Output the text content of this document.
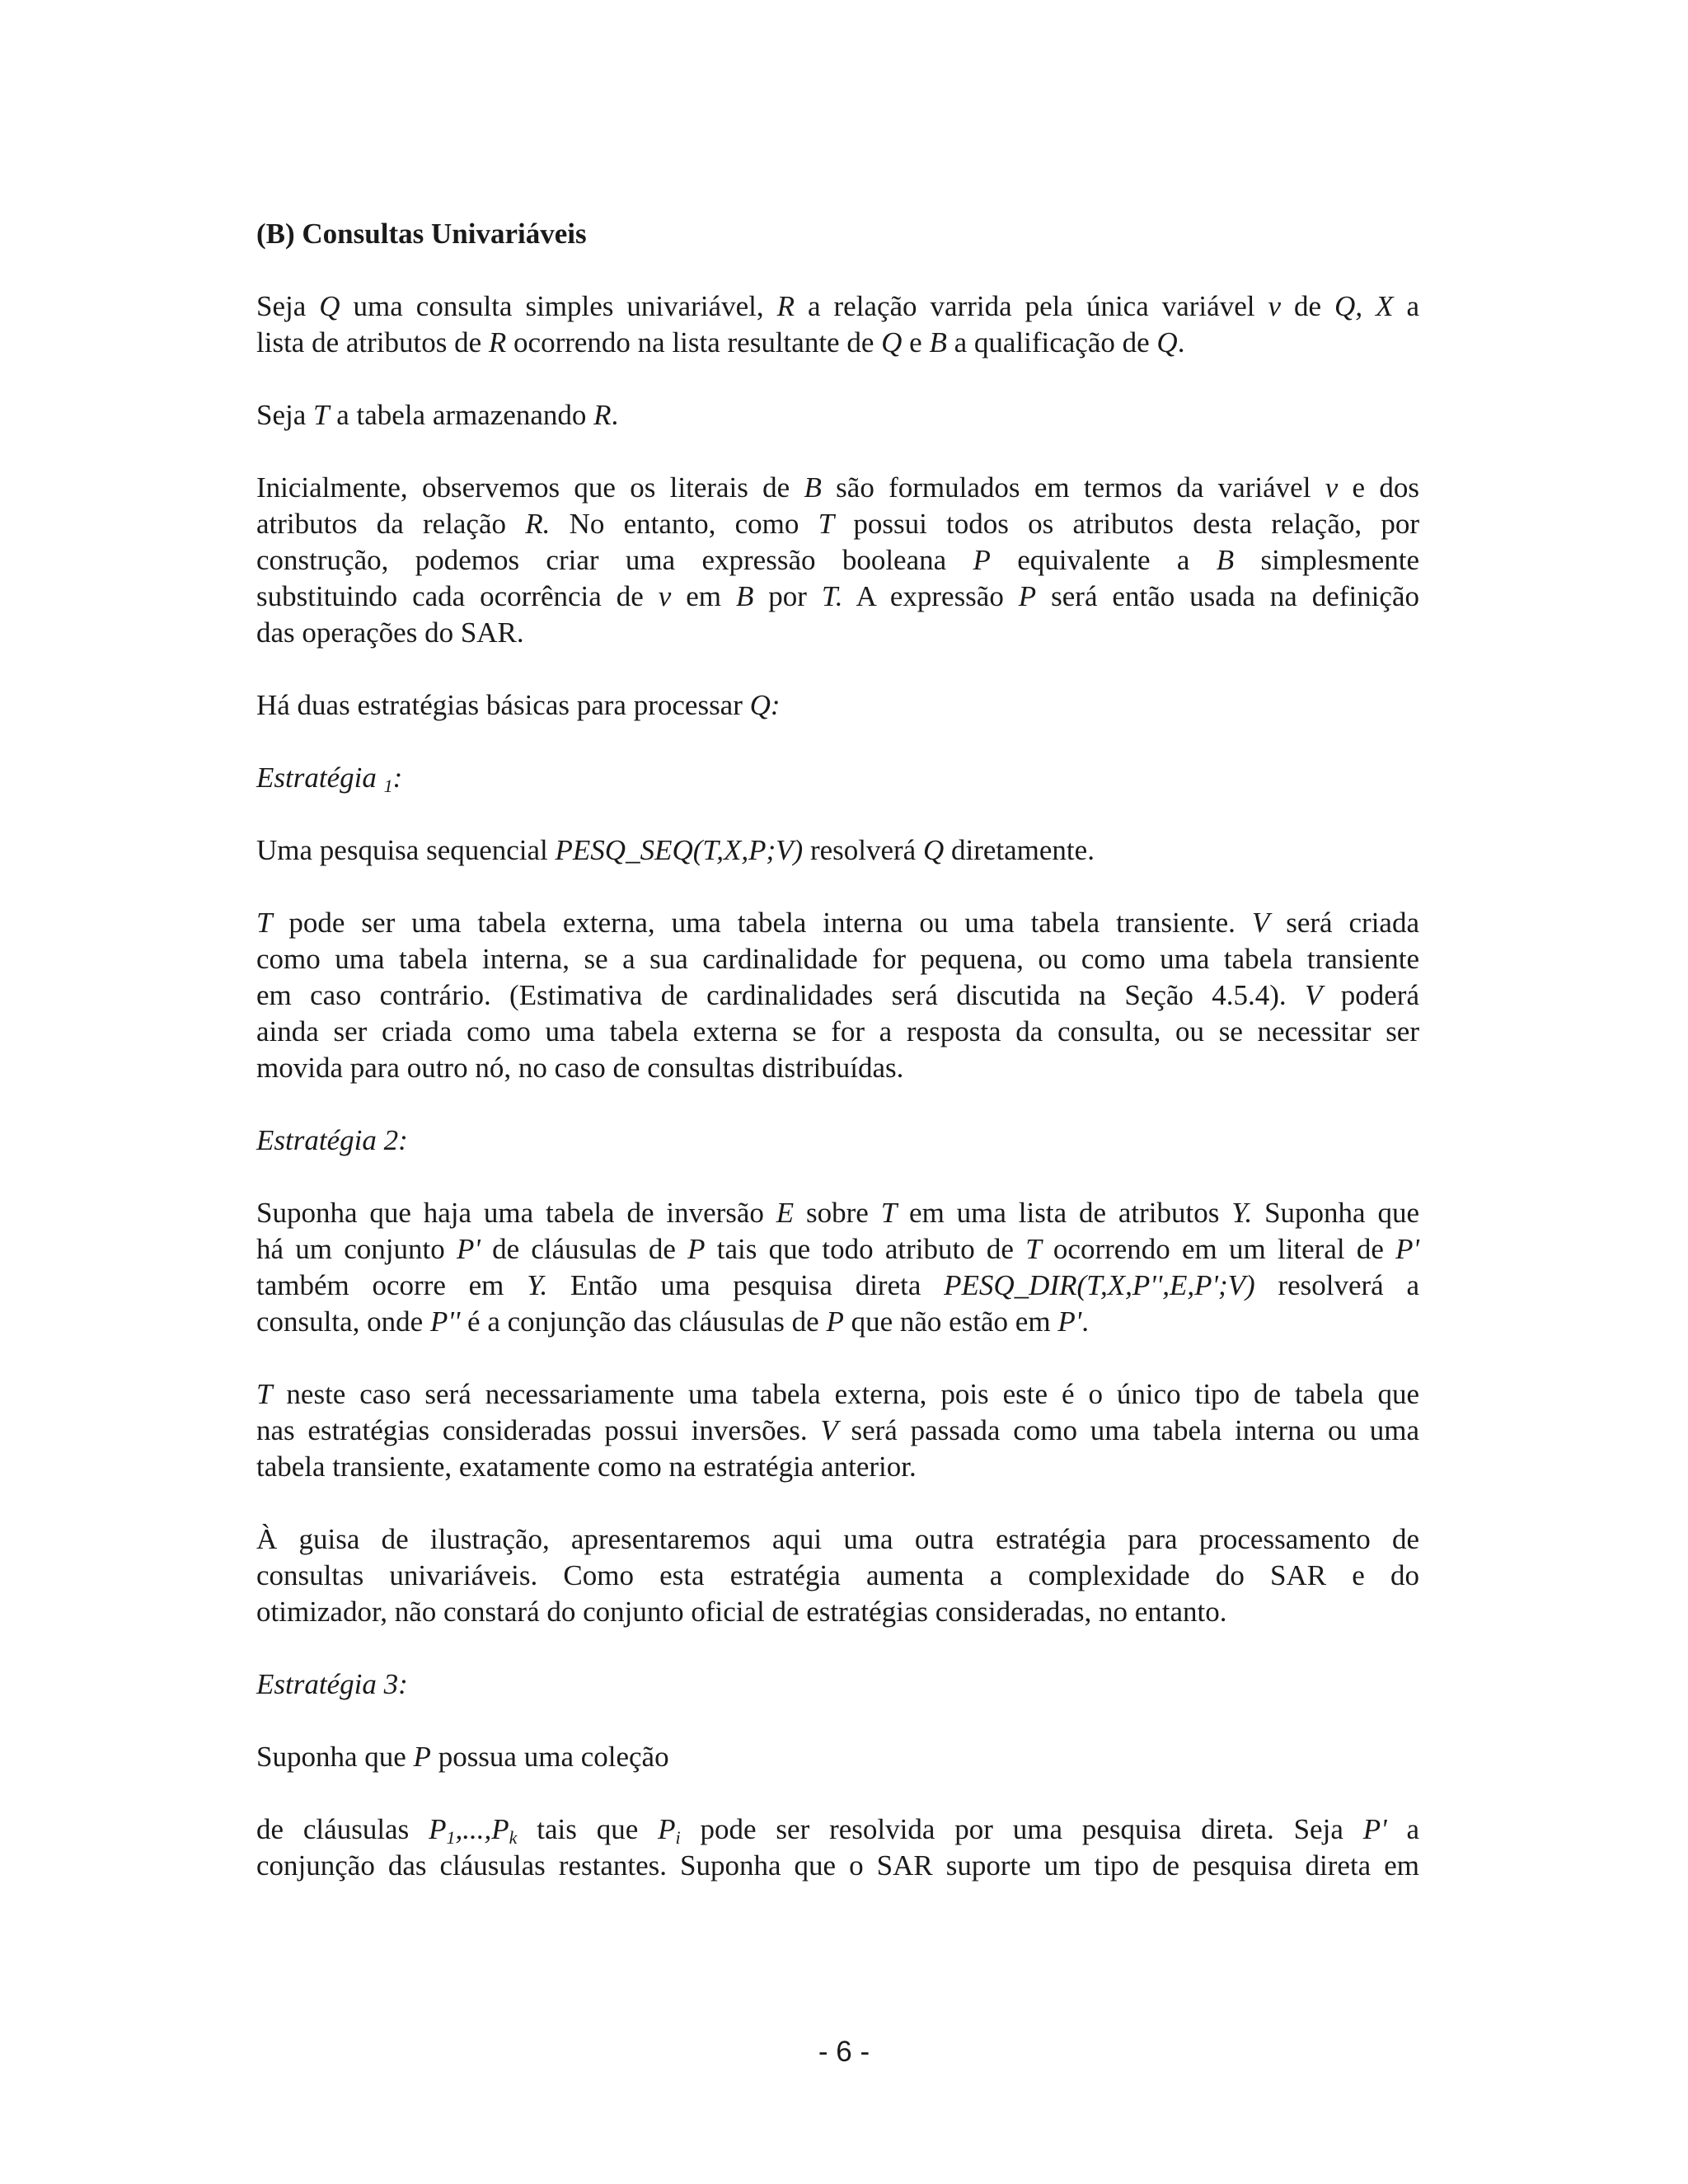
(B) Consultas Univariáveis
Seja Q uma consulta simples univariável, R a relação varrida pela única variável v de Q, X a
lista de atributos de R ocorrendo na lista resultante de Q e B a qualificação de Q.
Seja T a tabela armazenando R.
Inicialmente, observemos que os literais de B são formulados em termos da variável v e dos
atributos da relação R. No entanto, como T possui todos os atributos desta relação, por
construção, podemos criar uma expressão booleana P equivalente a B simplesmente
substituindo cada ocorrência de v em B por T. A expressão P será então usada na definição
das operações do SAR.
Há duas estratégias básicas para processar Q:
Estratégia $_1$:
Uma pesquisa sequencial PESQ_SEQ(T,X,P;V) resolverá Q diretamente.
T pode ser uma tabela externa, uma tabela interna ou uma tabela transiente. V será criada
como uma tabela interna, se a sua cardinalidade for pequena, ou como uma tabela transiente
em caso contrário. (Estimativa de cardinalidades será discutida na Seção 4.5.4). V poderá
ainda ser criada como uma tabela externa se for a resposta da consulta, ou se necessitar ser
movida para outro nó, no caso de consultas distribuídas.
Estratégia 2:
Suponha que haja uma tabela de inversão E sobre T em uma lista de atributos Y. Suponha que
há um conjunto P' de cláusulas de P tais que todo atributo de T ocorrendo em um literal de P'
também ocorre em Y. Então uma pesquisa direta PESQ_DIR(T,X,P'',E,P';V) resolverá a
consulta, onde P'' é a conjunção das cláusulas de P que não estão em P'.
T neste caso será necessariamente uma tabela externa, pois este é o único tipo de tabela que
nas estratégias consideradas possui inversões. V será passada como uma tabela interna ou uma
tabela transiente, exatamente como na estratégia anterior.
À guisa de ilustração, apresentaremos aqui uma outra estratégia para processamento de
consultas univariáveis. Como esta estratégia aumenta a complexidade do SAR e do
otimizador, não constará do conjunto oficial de estratégias consideradas, no entanto.
Estratégia 3:
Suponha que P possua uma coleção
de cláusulas $P_1,...,P_k$ tais que $P_i$ pode ser resolvida por uma pesquisa direta. Seja P' a
conjunção das cláusulas restantes. Suponha que o SAR suporte um tipo de pesquisa direta em
- 6 -
